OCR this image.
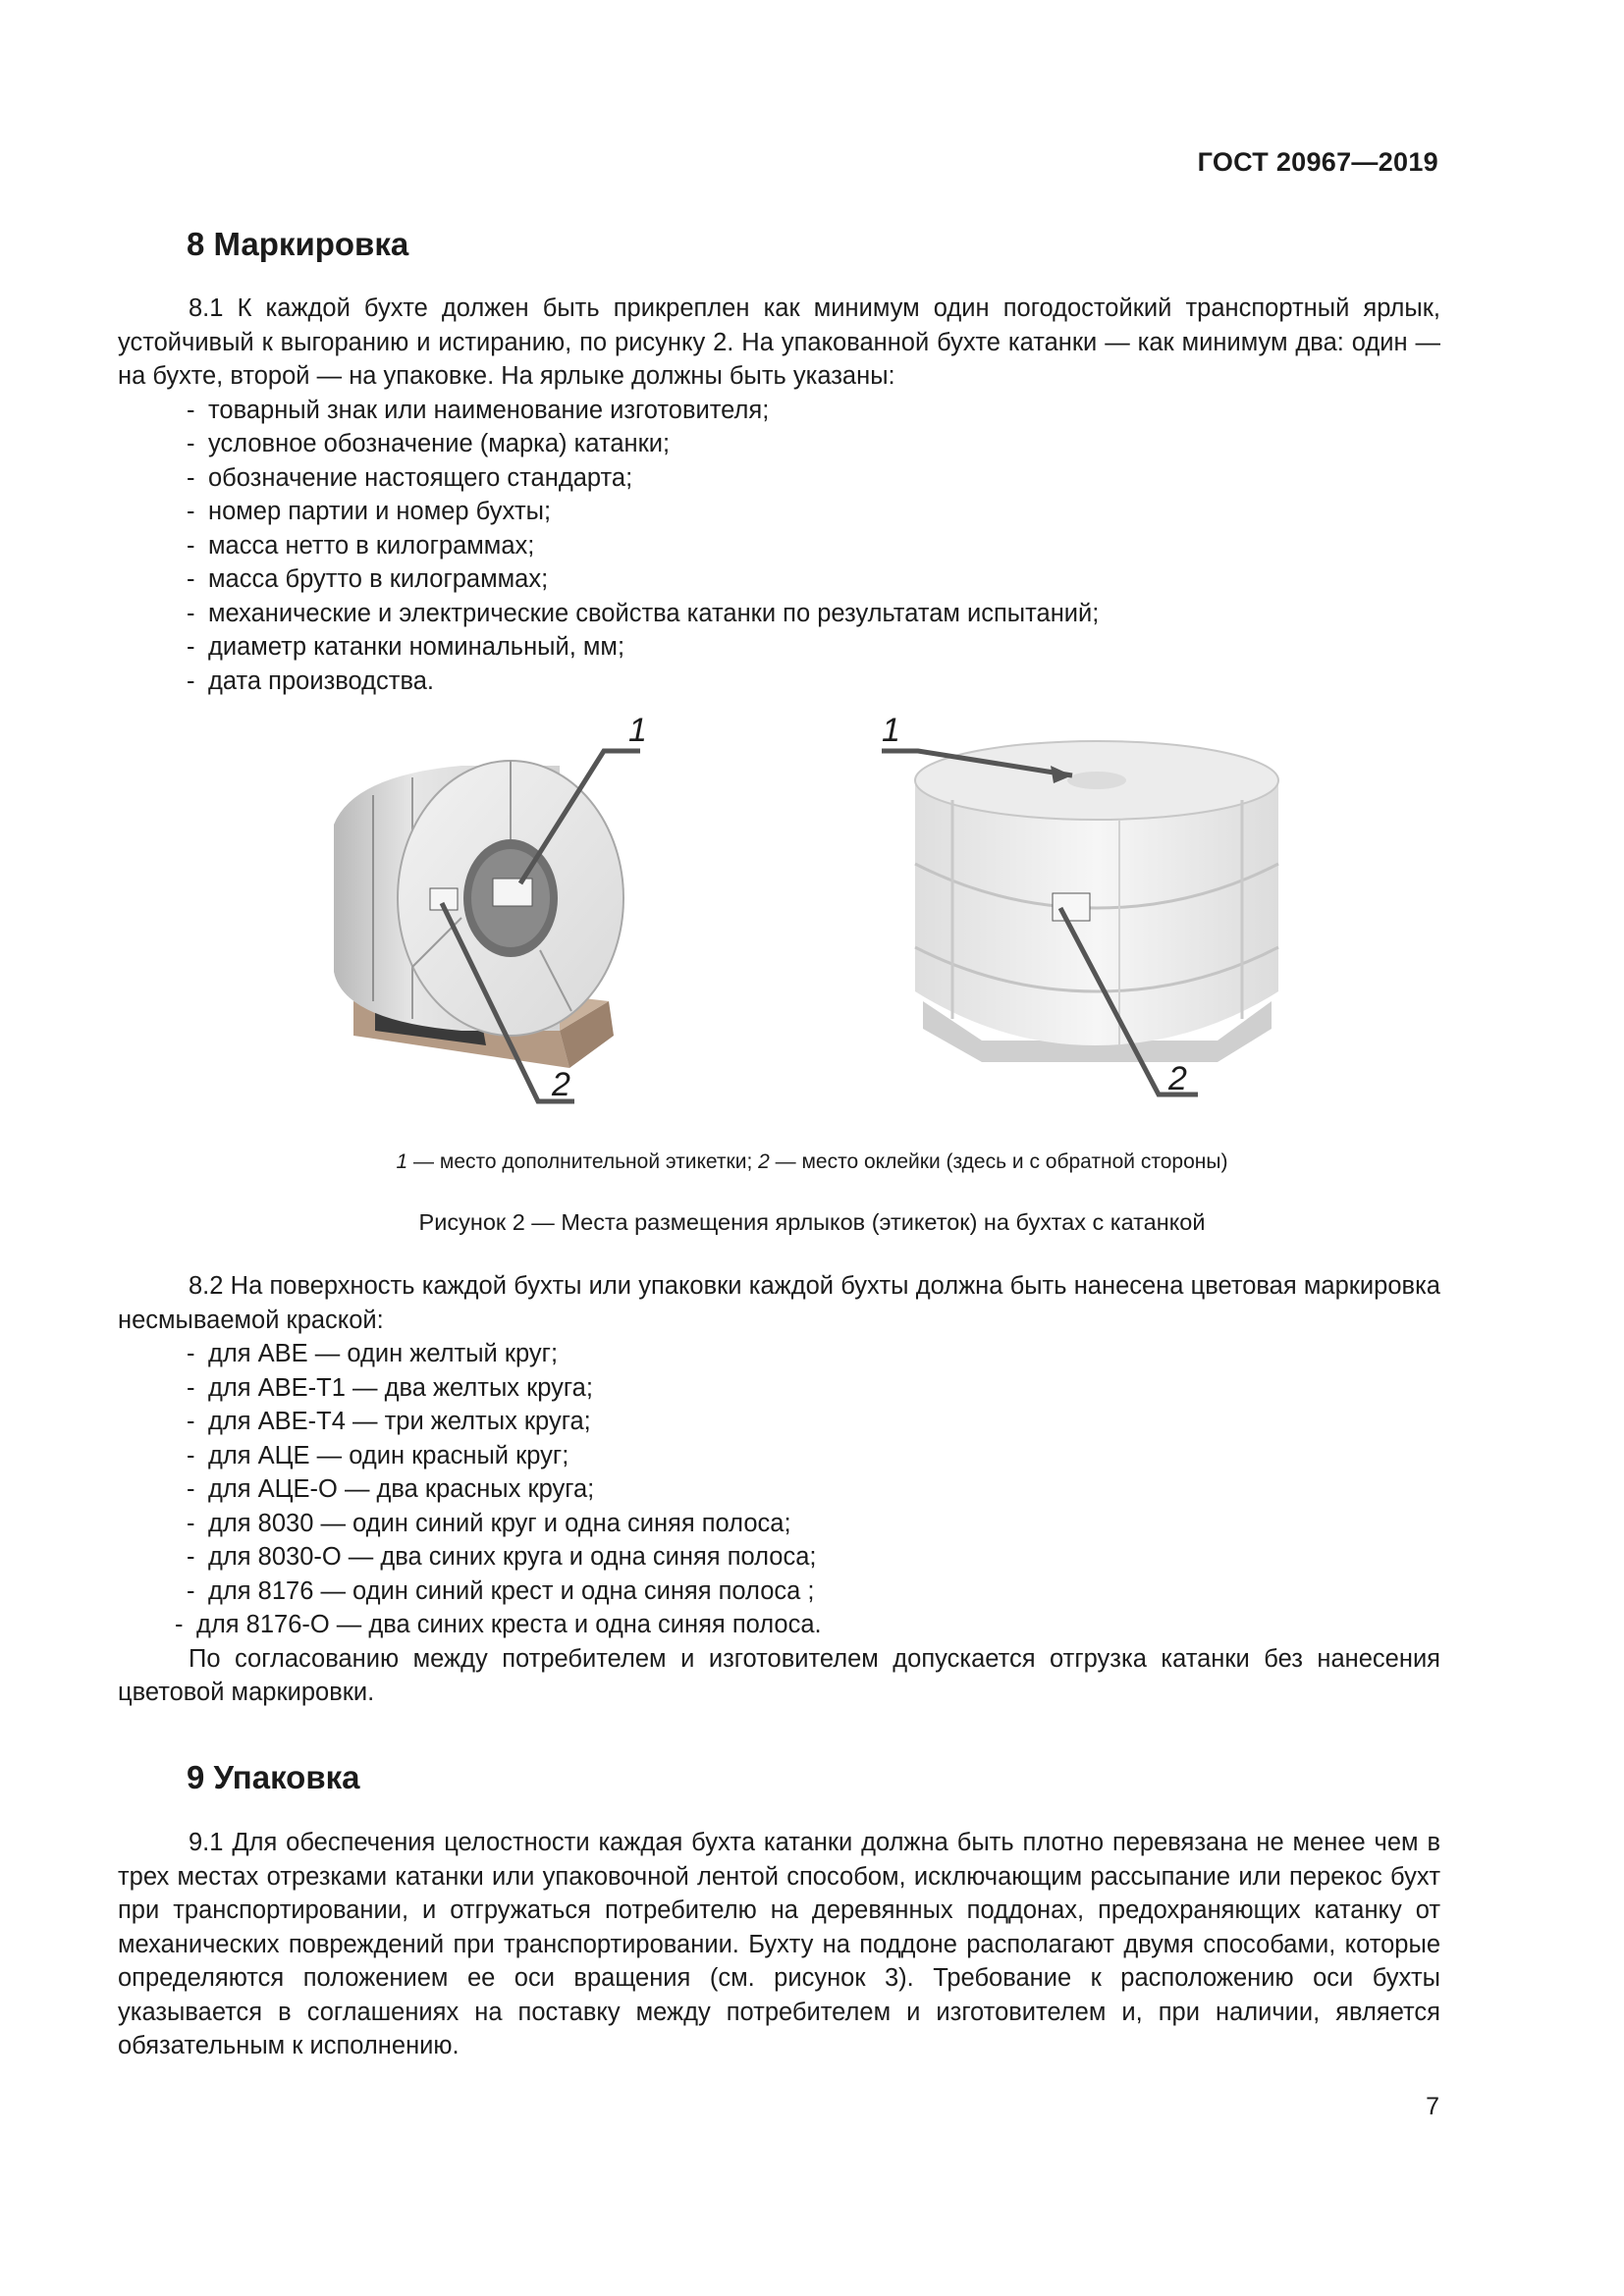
ГОСТ 20967—2019
8 Маркировка

8.1 К каждой бухте должен быть прикреплен как минимум один погодостойкий транспортный ярлык, устойчивый к выгоранию и истиранию, по рисунку 2. На упакованной бухте катанки — как минимум два: один — на бухте, второй — на упаковке. На ярлыке должны быть указаны:

- товарный знак или наименование изготовителя;
- условное обозначение (марка) катанки;
- обозначение настоящего стандарта;
- номер партии и номер бухты;
- масса нетто в килограммах;
- масса брутто в килограммах;
- механические и электрические свойства катанки по результатам испытаний;
- диаметр катанки номинальный, мм;
- дата производства.
1
2
1
2
1 — место дополнительной этикетки; 2 — место оклейки (здесь и с обратной стороны)
Рисунок 2 — Места размещения ярлыков (этикеток) на бухтах с катанкой

8.2 На поверхность каждой бухты или упаковки каждой бухты должна быть нанесена цветовая маркировка несмываемой краской:

- для АВЕ — один желтый круг;
- для АВЕ-Т1 — два желтых круга;
- для АВЕ-Т4 — три желтых круга;
- для АЦЕ — один красный круг;
- для АЦЕ-О — два красных круга;
- для 8030 — один синий круг и одна синяя полоса;
- для 8030-О — два синих круга и одна синяя полоса;
- для 8176 — один синий крест и одна синяя полоса ;
- для 8176-О — два синих креста и одна синяя полоса.

По согласованию между потребителем и изготовителем допускается отгрузка катанки без нанесения цветовой маркировки.

9 Упаковка

9.1 Для обеспечения целостности каждая бухта катанки должна быть плотно перевязана не менее чем в трех местах отрезками катанки или упаковочной лентой способом, исключающим рассыпание или перекос бухт при транспортировании, и отгружаться потребителю на деревянных поддонах, предохраняющих катанку от механических повреждений при транспортировании. Бухту на поддоне располагают двумя способами, которые определяются положением ее оси вращения (см. рисунок 3). Требование к расположению оси бухты указывается в соглашениях на поставку между потребителем и изготовителем и, при наличии, является обязательным к исполнению.

7
